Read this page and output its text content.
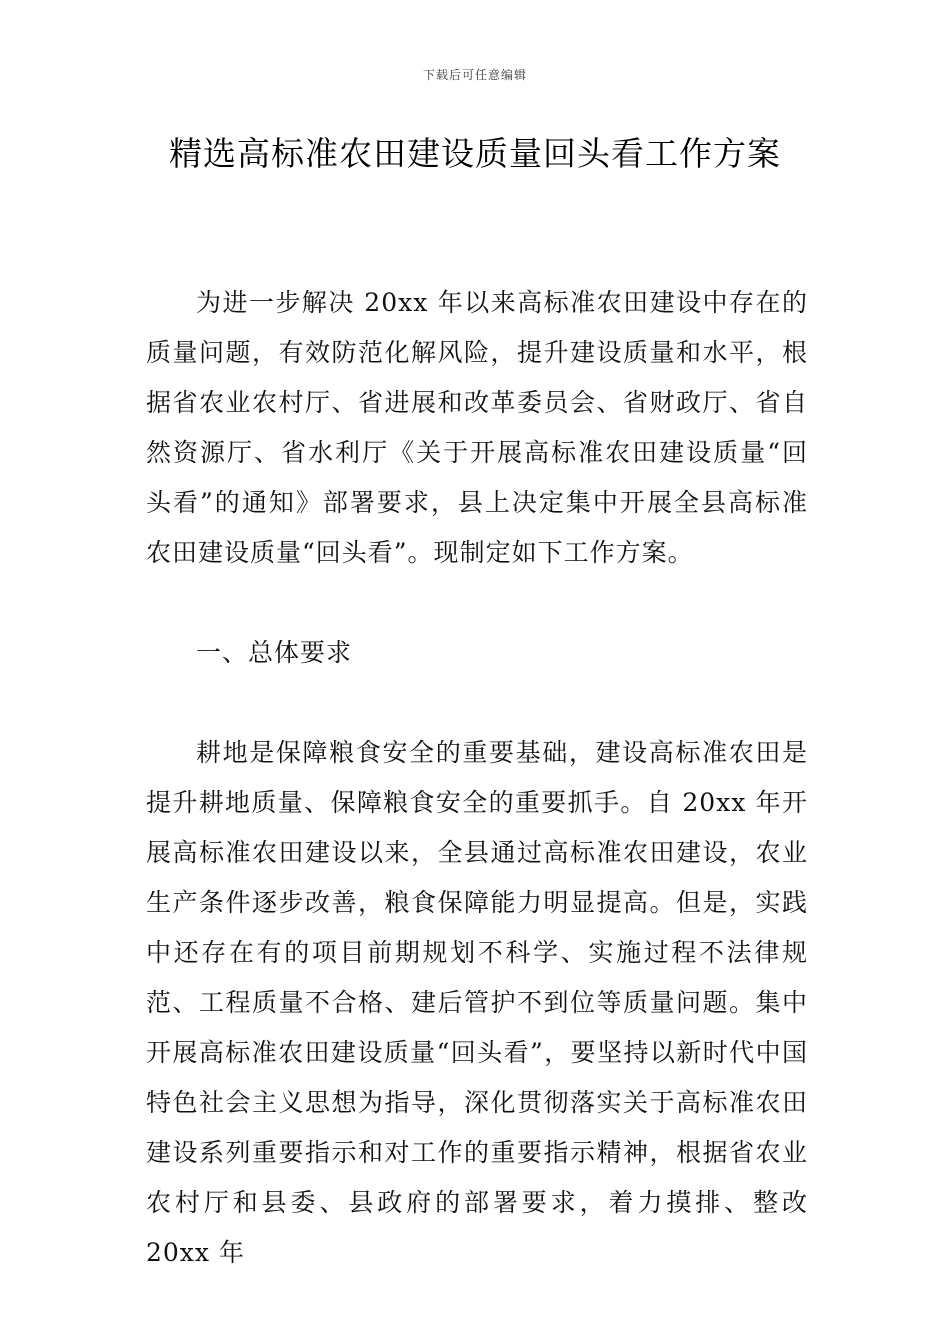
下载后可任意编辑
精选高标准农田建设质量回头看工作方案

为进一步解决 20xx 年以来高标准农田建设中存在的质量问题，有效防范化解风险，提升建设质量和水平，根据省农业农村厅、省进展和改革委员会、省财政厅、省自然资源厅、省水利厅《关于开展高标准农田建设质量“回头看”的通知》部署要求，县上决定集中开展全县高标准农田建设质量“回头看”。现制定如下工作方案。

一、总体要求

耕地是保障粮食安全的重要基础，建设高标准农田是提升耕地质量、保障粮食安全的重要抓手。自 20xx 年开展高标准农田建设以来，全县通过高标准农田建设，农业生产条件逐步改善，粮食保障能力明显提高。但是，实践中还存在有的项目前期规划不科学、实施过程不法律规范、工程质量不合格、建后管护不到位等质量问题。集中开展高标准农田建设质量“回头看”，要坚持以新时代中国特色社会主义思想为指导，深化贯彻落实关于高标准农田建设系列重要指示和对工作的重要指示精神，根据省农业农村厅和县委、县政府的部署要求，着力摸排、整改 20xx 年
